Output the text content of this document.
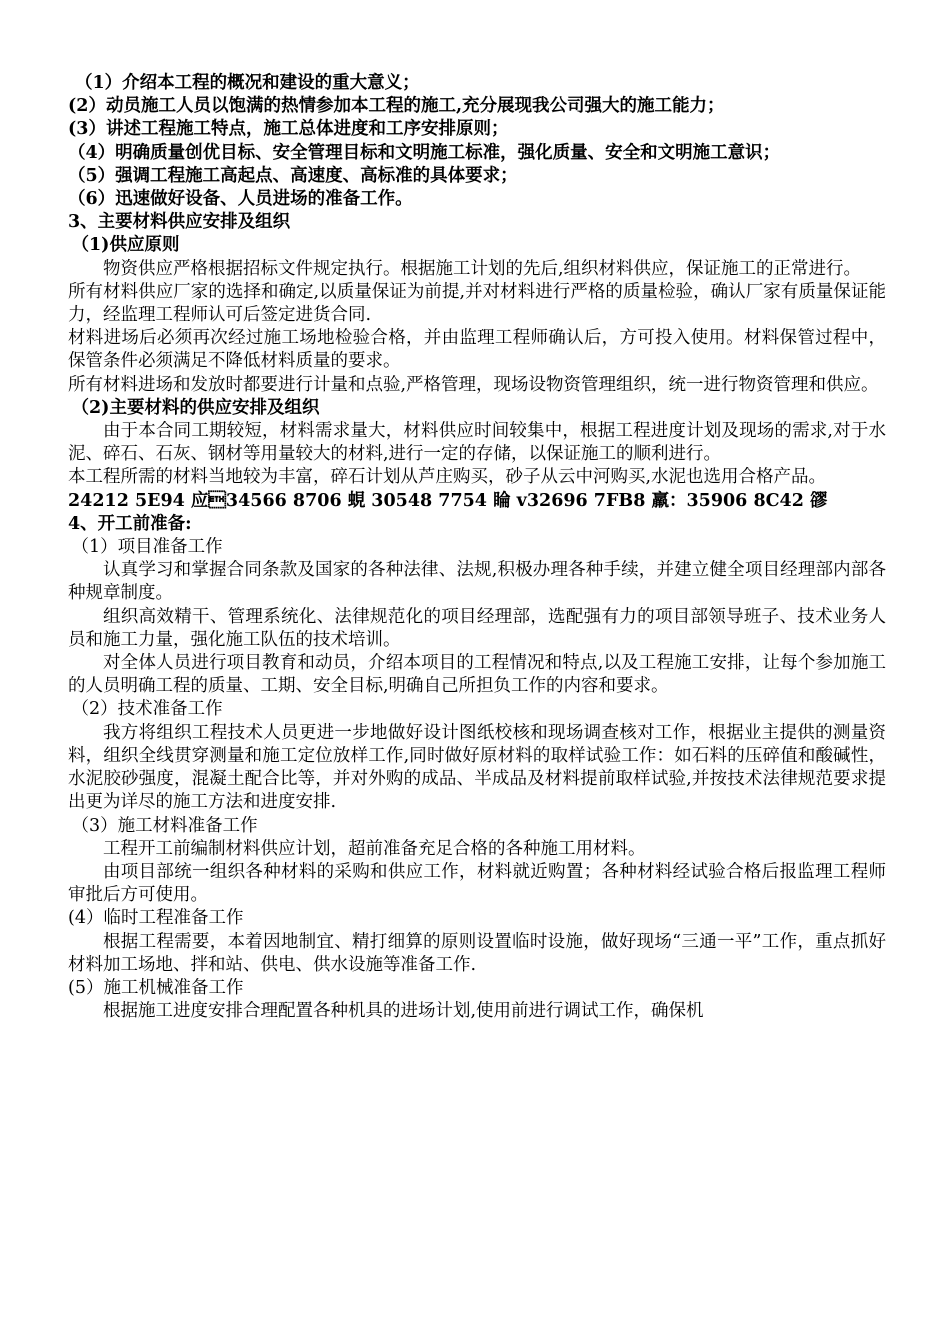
（1）介绍本工程的概况和建设的重大意义；

(2）动员施工人员以饱满的热情参加本工程的施工,充分展现我公司强大的施工能力；

(3）讲述工程施工特点，施工总体进度和工序安排原则；

（4）明确质量创优目标、安全管理目标和文明施工标准，强化质量、安全和文明施工意识；

（5）强调工程施工高起点、高速度、高标准的具体要求；

（6）迅速做好设备、人员进场的准备工作。

3、主要材料供应安排及组织

（1)供应原则

物资供应严格根据招标文件规定执行。根据施工计划的先后,组织材料供应，保证施工的正常进行。

所有材料供应厂家的选择和确定,以质量保证为前提,并对材料进行严格的质量检验，确认厂家有质量保证能力，经监理工程师认可后签定进货合同.

材料进场后必须再次经过施工场地检验合格，并由监理工程师确认后，方可投入使用。材料保管过程中，保管条件必须满足不降低材料质量的要求。

所有材料进场和发放时都要进行计量和点验,严格管理，现场设物资管理组织，统一进行物资管理和供应。

（2)主要材料的供应安排及组织

由于本合同工期较短，材料需求量大，材料供应时间较集中，根据工程进度计划及现场的需求,对于水泥、碎石、石灰、钢材等用量较大的材料,进行一定的存储，以保证施工的顺利进行。

本工程所需的材料当地较为丰富，碎石计划从芦庄购买，砂子从云中河购买,水泥也选用合格产品。

24212 5E94 应34566 8706 蜆 30548 7754 睔 v32696 7FB8 羸：35906 8C42 豂

4、开工前准备:

（1）项目准备工作

认真学习和掌握合同条款及国家的各种法律、法规,积极办理各种手续，并建立健全项目经理部内部各种规章制度。

组织高效精干、管理系统化、法律规范化的项目经理部，选配强有力的项目部领导班子、技术业务人员和施工力量，强化施工队伍的技术培训。

对全体人员进行项目教育和动员，介绍本项目的工程情况和特点,以及工程施工安排，让每个参加施工的人员明确工程的质量、工期、安全目标,明确自己所担负工作的内容和要求。

（2）技术准备工作

我方将组织工程技术人员更进一步地做好设计图纸校核和现场调查核对工作，根据业主提供的测量资料，组织全线贯穿测量和施工定位放样工作,同时做好原材料的取样试验工作：如石料的压碎值和酸碱性，水泥胶砂强度，混凝土配合比等，并对外购的成品、半成品及材料提前取样试验,并按技术法律规范要求提出更为详尽的施工方法和进度安排.

（3）施工材料准备工作

工程开工前编制材料供应计划，超前准备充足合格的各种施工用材料。

由项目部统一组织各种材料的采购和供应工作，材料就近购置；各种材料经试验合格后报监理工程师审批后方可使用。

(4）临时工程准备工作

根据工程需要，本着因地制宜、精打细算的原则设置临时设施，做好现场“三通一平”工作，重点抓好材料加工场地、拌和站、供电、供水设施等准备工作.

(5）施工机械准备工作

根据施工进度安排合理配置各种机具的进场计划,使用前进行调试工作，确保机
